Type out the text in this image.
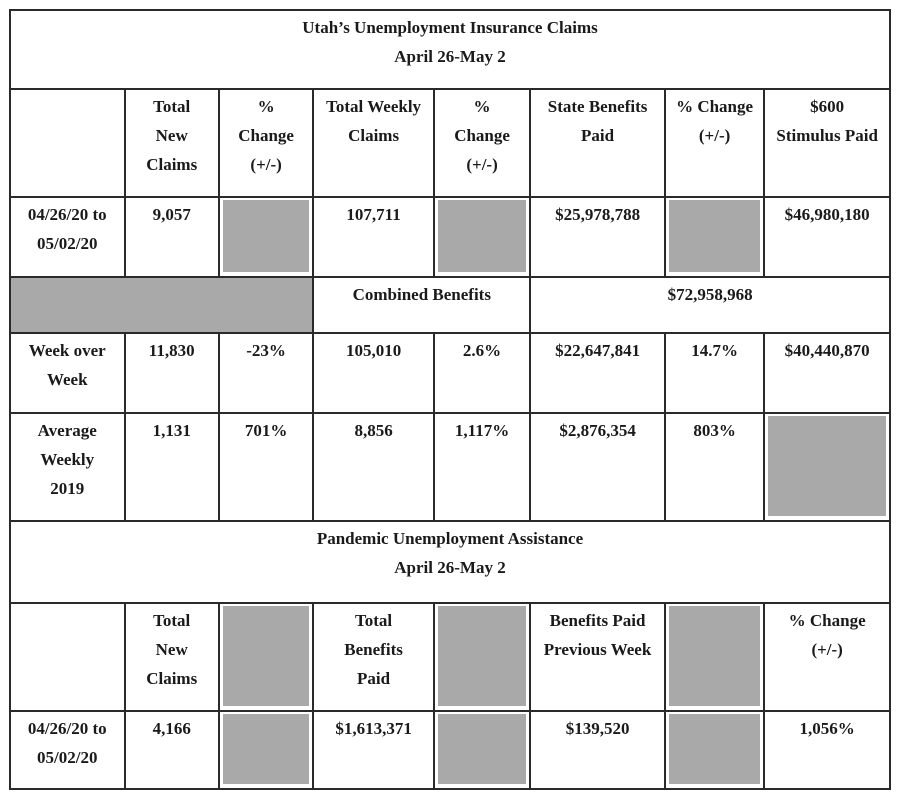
Utah’s Unemployment Insurance Claims
April 26-May 2							

	Total
New
Claims	%
Change
(+/-)	Total Weekly
Claims	%
Change
(+/-)	State Benefits
Paid	% Change
(+/-)	$600
Stimulus Paid

04/26/20 to
05/02/20	9,057		107,711		$25,978,788		$46,980,180
			Combined Benefits		$72,958,968		

Week over
Week	11,830	-23%	105,010	2.6%	$22,647,841	14.7%	$40,440,870

Average
Weekly
2019	1,131	701%	8,856	1,117%	$2,876,354	803%	

Pandemic Unemployment Assistance
April 26-May 2							

	Total
New
Claims		Total
Benefits
Paid		Benefits Paid
Previous Week		% Change
(+/-)

04/26/20 to
05/02/20	4,166		$1,613,371		$139,520		1,056%
